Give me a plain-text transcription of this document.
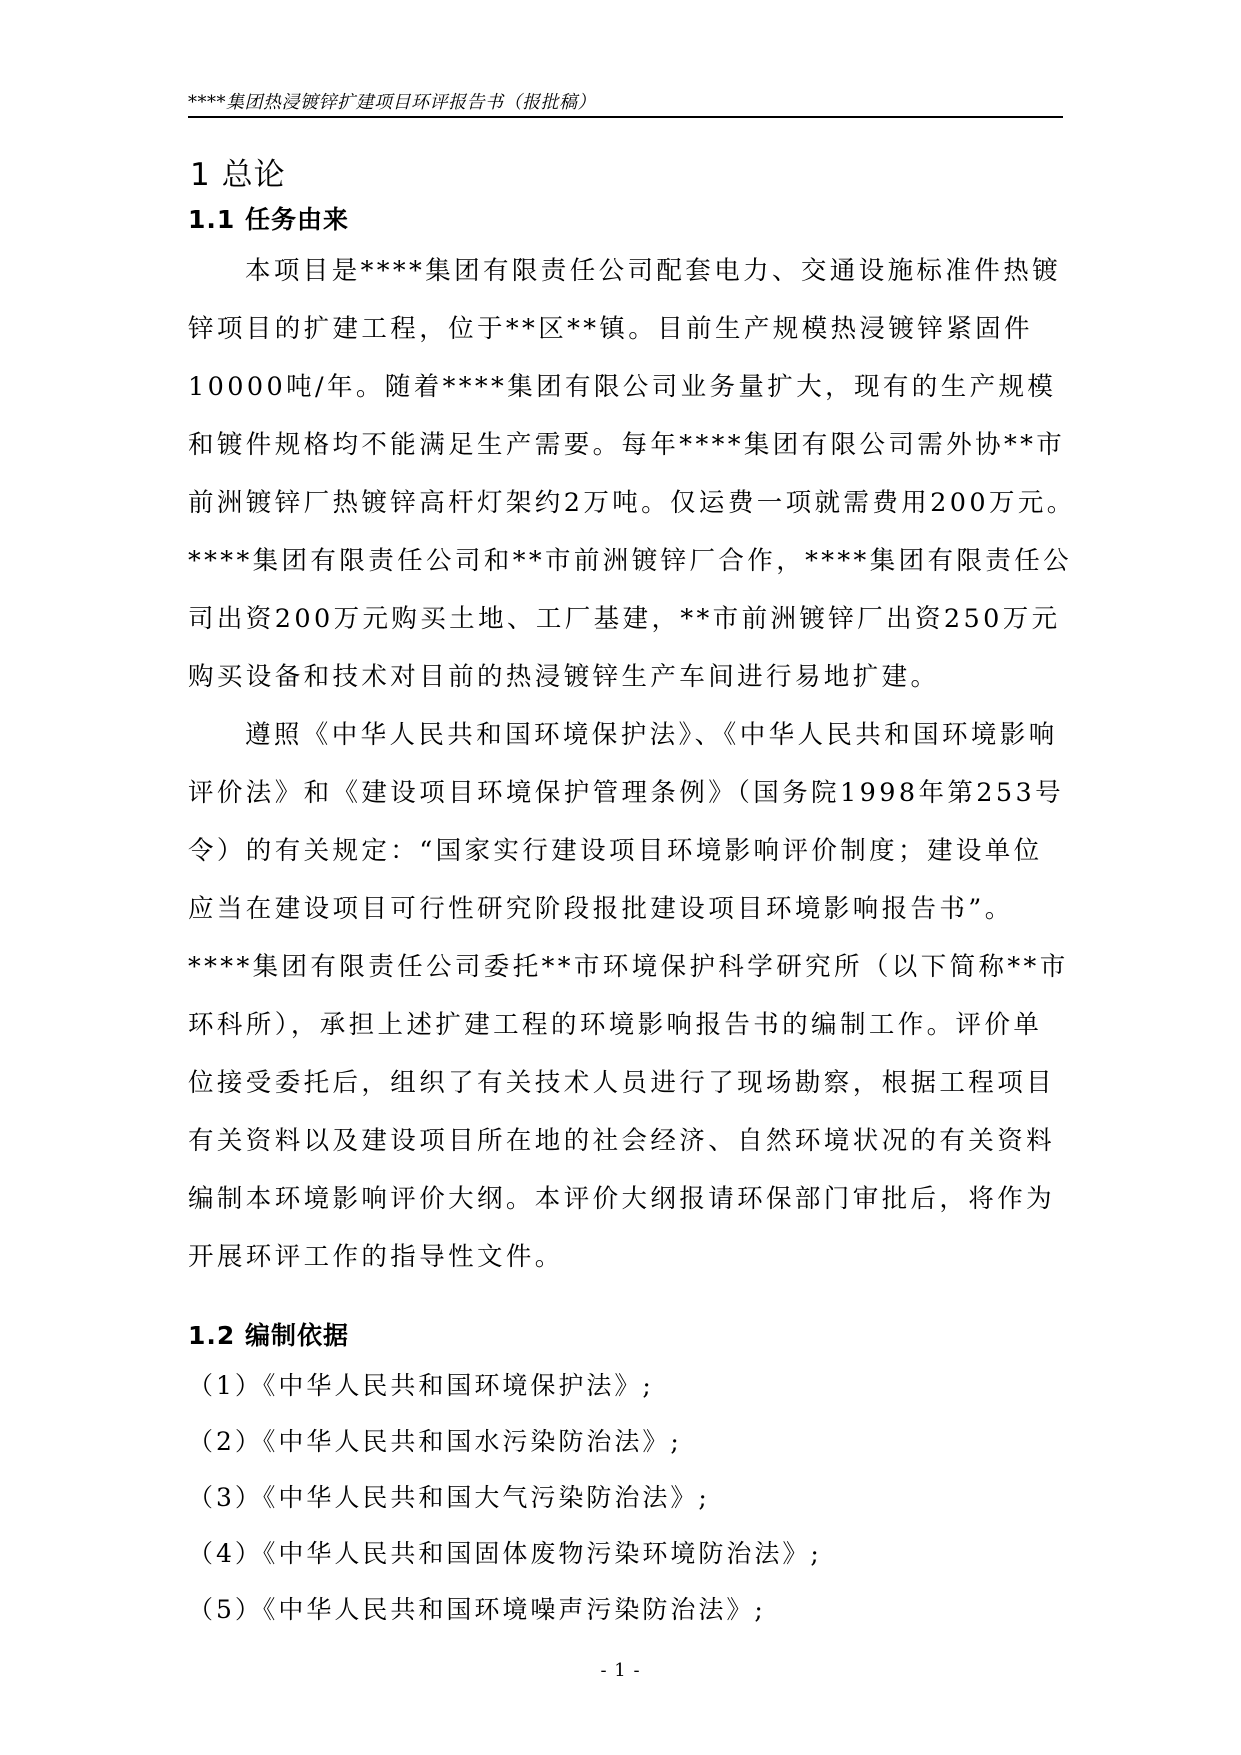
****集团热浸镀锌扩建项目环评报告书（报批稿）
1 总论
1.1 任务由来
本项目是****集团有限责任公司配套电力、交通设施标准件热镀
锌项目的扩建工程，位于**区**镇。目前生产规模热浸镀锌紧固件
10000吨/年。随着****集团有限公司业务量扩大，现有的生产规模
和镀件规格均不能满足生产需要。每年****集团有限公司需外协**市
前洲镀锌厂热镀锌高杆灯架约2万吨。仅运费一项就需费用200万元。
****集团有限责任公司和**市前洲镀锌厂合作，****集团有限责任公
司出资200万元购买土地、工厂基建，**市前洲镀锌厂出资250万元
购买设备和技术对目前的热浸镀锌生产车间进行易地扩建。
遵照《中华人民共和国环境保护法》、《中华人民共和国环境影响
评价法》和《建设项目环境保护管理条例》（国务院1998年第253号
令）的有关规定：“国家实行建设项目环境影响评价制度；建设单位
应当在建设项目可行性研究阶段报批建设项目环境影响报告书”。
****集团有限责任公司委托**市环境保护科学研究所（以下简称**市
环科所），承担上述扩建工程的环境影响报告书的编制工作。评价单
位接受委托后，组织了有关技术人员进行了现场勘察，根据工程项目
有关资料以及建设项目所在地的社会经济、自然环境状况的有关资料
编制本环境影响评价大纲。本评价大纲报请环保部门审批后，将作为
开展环评工作的指导性文件。
1.2 编制依据
（1）《中华人民共和国环境保护法》;
（2）《中华人民共和国水污染防治法》;
（3）《中华人民共和国大气污染防治法》;
（4）《中华人民共和国固体废物污染环境防治法》;
（5）《中华人民共和国环境噪声污染防治法》;
- 1 -
